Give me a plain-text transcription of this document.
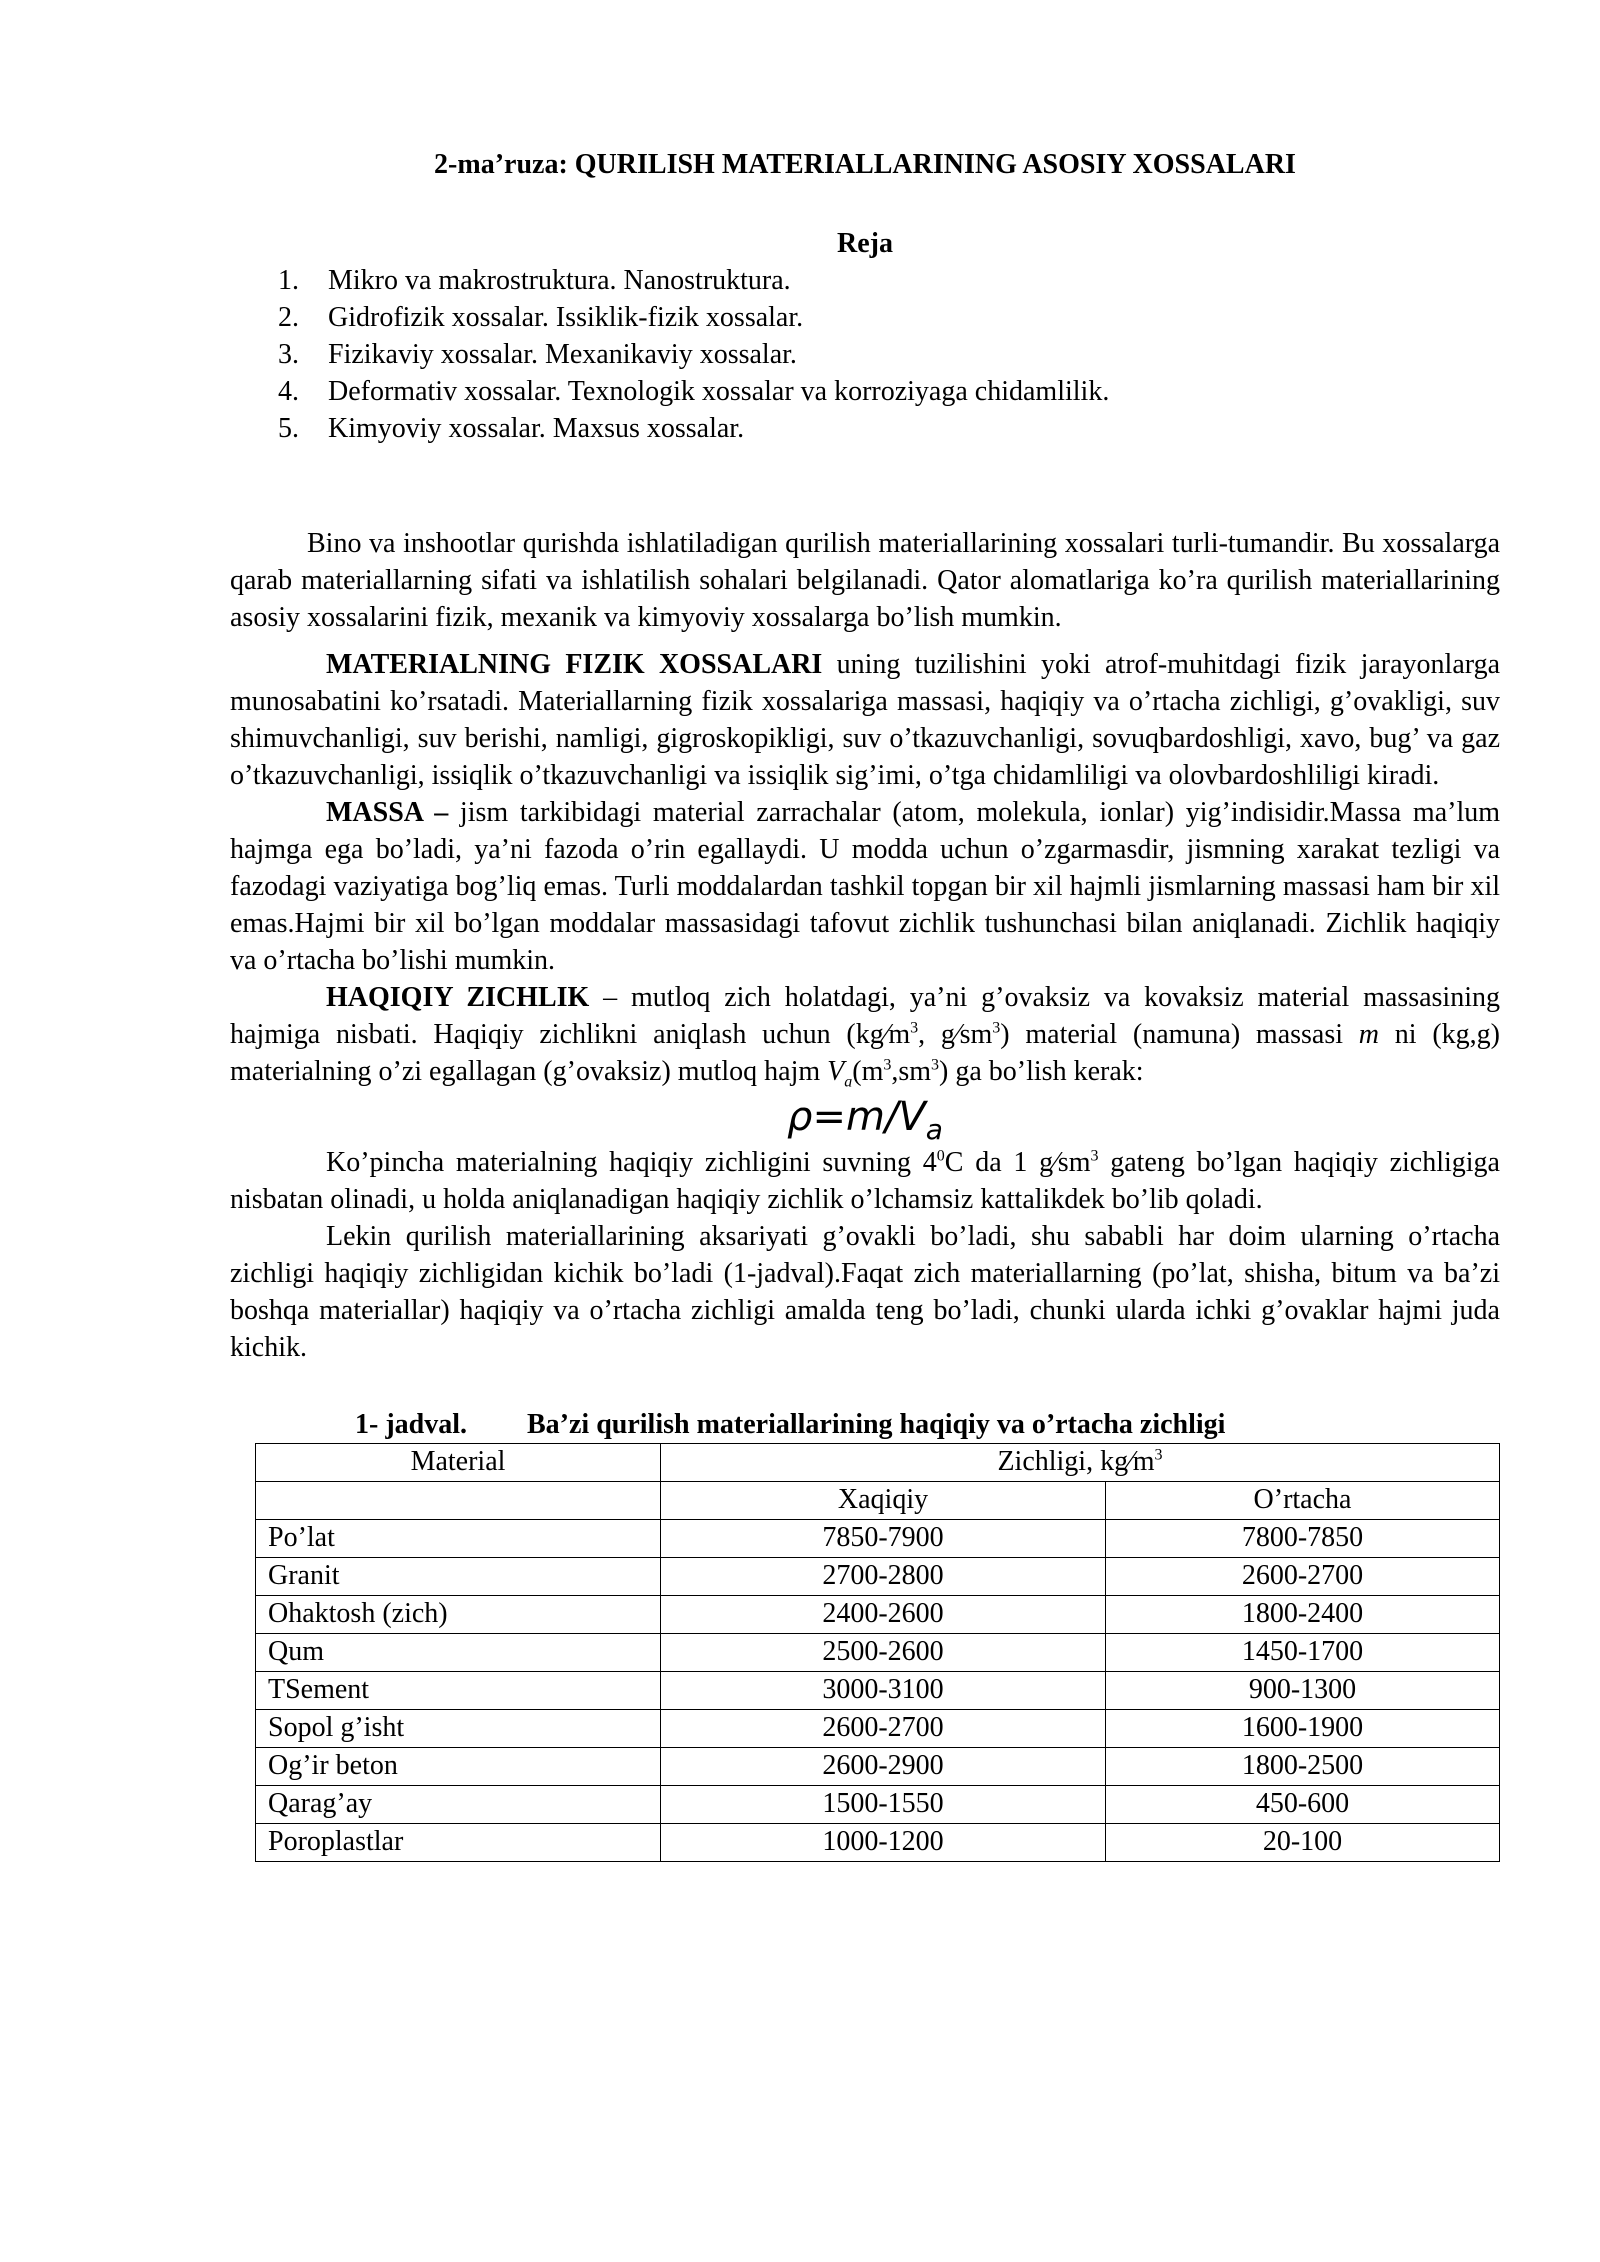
2-ma’ruza: QURILISH MATERIALLARINING ASOSIY XOSSALARI
Reja
1.	Mikro va makrostruktura. Nanostruktura.
2.	Gidrofizik xossalar. Issiklik-fizik xossalar.
3.	Fizikaviy xossalar. Mexanikaviy xossalar.
4.	Deformativ xossalar. Texnologik xossalar va korroziyaga chidamlilik.
5.	Kimyoviy xossalar. Maxsus xossalar.

Bino va inshootlar qurishda ishlatiladigan qurilish materiallarining xossalari turli-tumandir. Bu xossalarga qarab materiallarning sifati va ishlatilish sohalari belgilanadi. Qator alomatlariga ko’ra qurilish materiallarining asosiy xossalarini fizik, mexanik va kimyoviy xossalarga bo’lish mumkin.

MATERIALNING FIZIK XOSSALARI uning tuzilishini yoki atrof-muhitdagi fizik jarayonlarga munosabatini ko’rsatadi. Materiallarning fizik xossalariga massasi, haqiqiy va o’rtacha zichligi, g’ovakligi, suv shimuvchanligi, suv berishi, namligi, gigroskopikligi, suv o’tkazuvchanligi, sovuqbardoshligi, xavo, bug’ va gaz o’tkazuvchanligi, issiqlik o’tkazuvchanligi va issiqlik sig’imi, o’tga chidamliligi va olovbardoshliligi kiradi.

MASSA – jism tarkibidagi material zarrachalar (atom, molekula, ionlar) yig’indisidir.Massa ma’lum hajmga ega bo’ladi, ya’ni fazoda o’rin egallaydi. U modda uchun o’zgarmasdir, jismning xarakat tezligi va fazodagi vaziyatiga bog’liq emas. Turli moddalardan tashkil topgan bir xil hajmli jismlarning massasi ham bir xil emas.Hajmi bir xil bo’lgan moddalar massasidagi tafovut zichlik tushunchasi bilan aniqlanadi. Zichlik haqiqiy va o’rtacha bo’lishi mumkin.

HAQIQIY ZICHLIK – mutloq zich holatdagi, ya’ni g’ovaksiz va kovaksiz material massasining hajmiga nisbati. Haqiqiy zichlikni aniqlash uchun ($kg⁄m^3$, $g⁄sm^3$) material (namuna) massasi m ni (kg,g) materialning o’zi egallagan (g’ovaksiz) mutloq hajm $V_a(m^3,sm^3)$ ga bo’lish kerak:

$\rho=m/V_a$

Ko’pincha materialning haqiqiy zichligini suvning $4^0C$ da 1 $g⁄sm^3$ gateng bo’lgan haqiqiy zichligiga nisbatan olinadi, u holda aniqlanadigan haqiqiy zichlik o’lchamsiz kattalikdek bo’lib qoladi.

Lekin qurilish materiallarining aksariyati g’ovakli bo’ladi, shu sababli har doim ularning o’rtacha zichligi haqiqiy zichligidan kichik bo’ladi (1-jadval).Faqat zich materiallarning (po’lat, shisha, bitum va ba’zi boshqa materiallar) haqiqiy va o’rtacha zichligi amalda teng bo’ladi, chunki ularda ichki g’ovaklar hajmi juda kichik.

1- jadval. Ba’zi qurilish materiallarining haqiqiy va o’rtacha zichligi
Material	Zichligi, $kg⁄m^3$
	Xaqiqiy	O’rtacha
Po’lat	7850-7900	7800-7850
Granit	2700-2800	2600-2700
Ohaktosh (zich)	2400-2600	1800-2400
Qum	2500-2600	1450-1700
TSement	3000-3100	900-1300
Sopol g’isht	2600-2700	1600-1900
Og’ir beton	2600-2900	1800-2500
Qarag’ay	1500-1550	450-600
Poroplastlar	1000-1200	20-100
